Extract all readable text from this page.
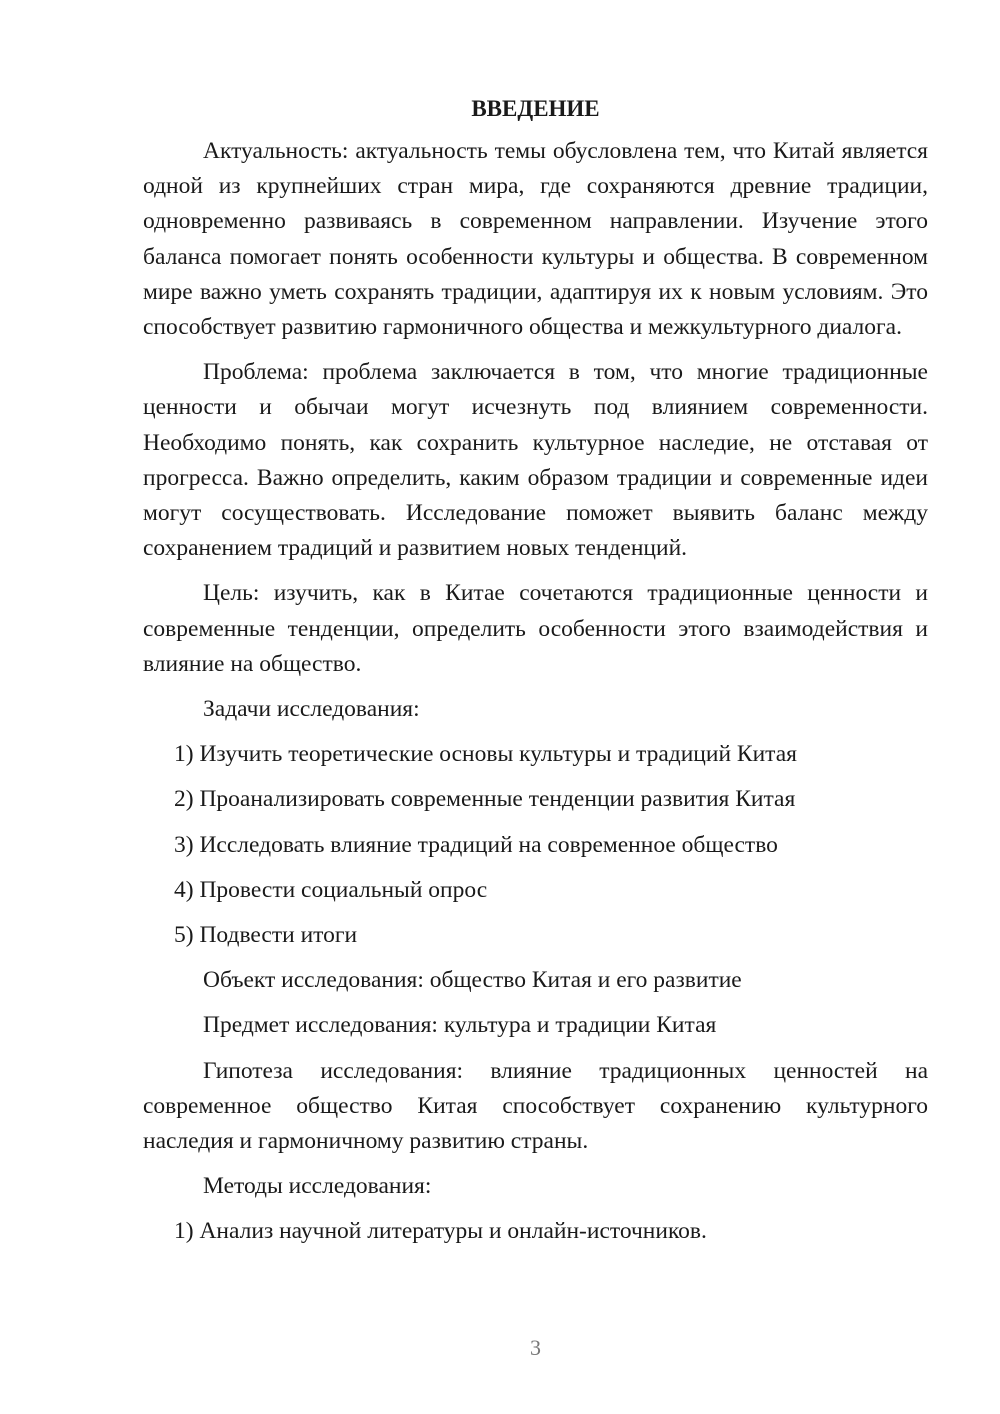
ВВЕДЕНИЕ

Актуальность: актуальность темы обусловлена тем, что Китай является одной из крупнейших стран мира, где сохраняются древние традиции, одновременно развиваясь в современном направлении. Изучение этого баланса помогает понять особенности культуры и общества. В современном мире важно уметь сохранять традиции, адаптируя их к новым условиям. Это способствует развитию гармоничного общества и межкультурного диалога.

Проблема: проблема заключается в том, что многие традиционные ценности и обычаи могут исчезнуть под влиянием современности. Необходимо понять, как сохранить культурное наследие, не отставая от прогресса. Важно определить, каким образом традиции и современные идеи могут сосуществовать. Исследование поможет выявить баланс между сохранением традиций и развитием новых тенденций.

Цель: изучить, как в Китае сочетаются традиционные ценности и современные тенденции, определить особенности этого взаимодействия и влияние на общество.

Задачи исследования:

1) Изучить теоретические основы культуры и традиций Китая

2) Проанализировать современные тенденции развития Китая

3) Исследовать влияние традиций на современное общество

4) Провести социальный опрос

5) Подвести итоги

Объект исследования: общество Китая и его развитие

Предмет исследования: культура и традиции Китая

Гипотеза исследования: влияние традиционных ценностей на современное общество Китая способствует сохранению культурного наследия и гармоничному развитию страны.

Методы исследования:

1) Анализ научной литературы и онлайн-источников.

3
